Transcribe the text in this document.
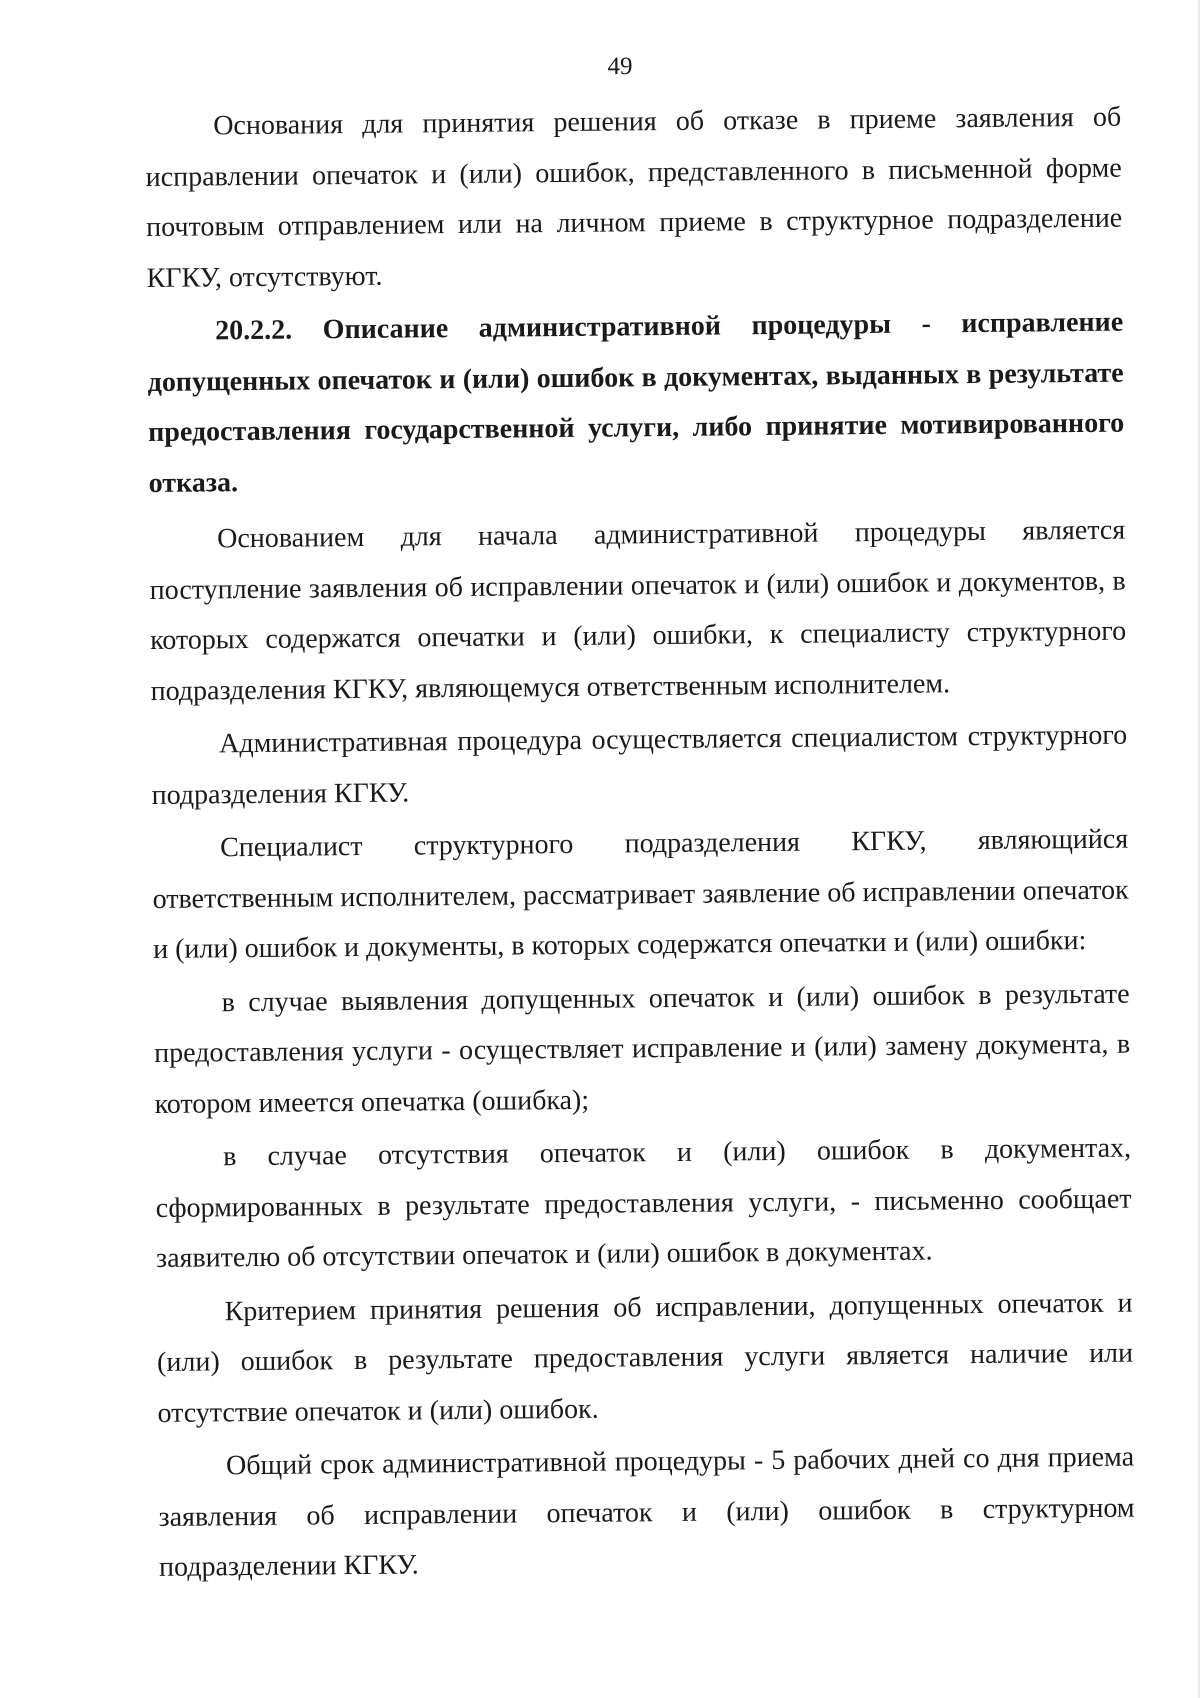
49

Основания для принятия решения об отказе в приеме заявления об исправлении опечаток и (или) ошибок, представленного в письменной форме почтовым отправлением или на личном приеме в структурное подразделение КГКУ, отсутствуют.

20.2.2. Описание административной процедуры - исправление допущенных опечаток и (или) ошибок в документах, выданных в результате предоставления государственной услуги, либо принятие мотивированного отказа.

Основанием для начала административной процедуры является поступление заявления об исправлении опечаток и (или) ошибок и документов, в которых содержатся опечатки и (или) ошибки, к специалисту структурного подразделения КГКУ, являющемуся ответственным исполнителем.

Административная процедура осуществляется специалистом структурного подразделения КГКУ.

Специалист структурного подразделения КГКУ, являющийся ответственным исполнителем, рассматривает заявление об исправлении опечаток и (или) ошибок и документы, в которых содержатся опечатки и (или) ошибки:

в случае выявления допущенных опечаток и (или) ошибок в результате предоставления услуги - осуществляет исправление и (или) замену документа, в котором имеется опечатка (ошибка);

в случае отсутствия опечаток и (или) ошибок в документах, сформированных в результате предоставления услуги, - письменно сообщает заявителю об отсутствии опечаток и (или) ошибок в документах.

Критерием принятия решения об исправлении, допущенных опечаток и (или) ошибок в результате предоставления услуги является наличие или отсутствие опечаток и (или) ошибок.

Общий срок административной процедуры - 5 рабочих дней со дня приема заявления об исправлении опечаток и (или) ошибок в структурном подразделении КГКУ.
